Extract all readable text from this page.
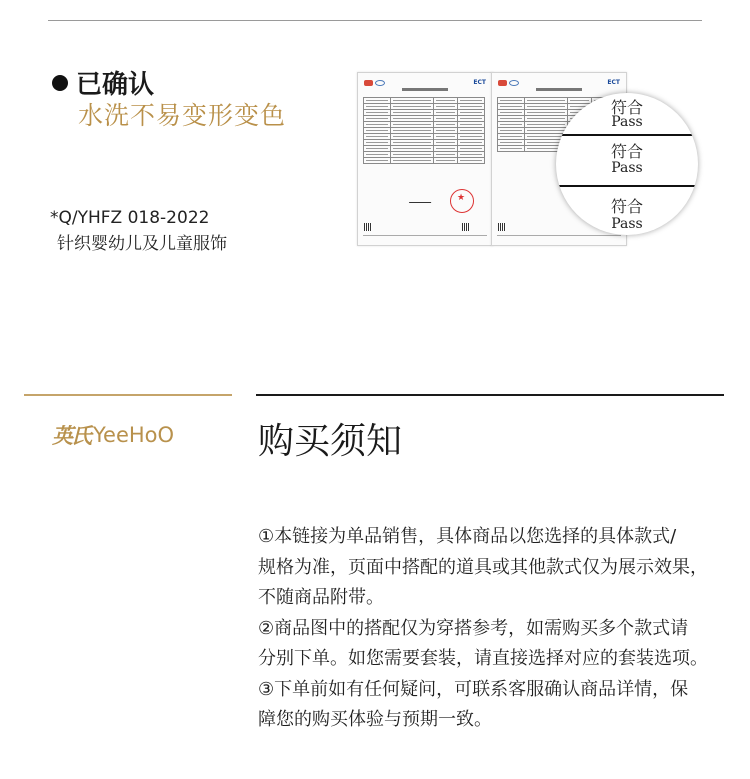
已确认
水洗不易变形变色
*Q/YHFZ 018-2022
针织婴幼儿及儿童服饰
ECT

★	ECT

符合
Pass
符合
Pass
符合
Pass
英氏 YeeHoO 购买须知

①本链接为单品销售，具体商品以您选择的具体款式/

规格为准，页面中搭配的道具或其他款式仅为展示效果，

不随商品附带。

②商品图中的搭配仅为穿搭参考，如需购买多个款式请

分别下单。如您需要套装，请直接选择对应的套装选项。

③下单前如有任何疑问，可联系客服确认商品详情，保

障您的购买体验与预期一致。
